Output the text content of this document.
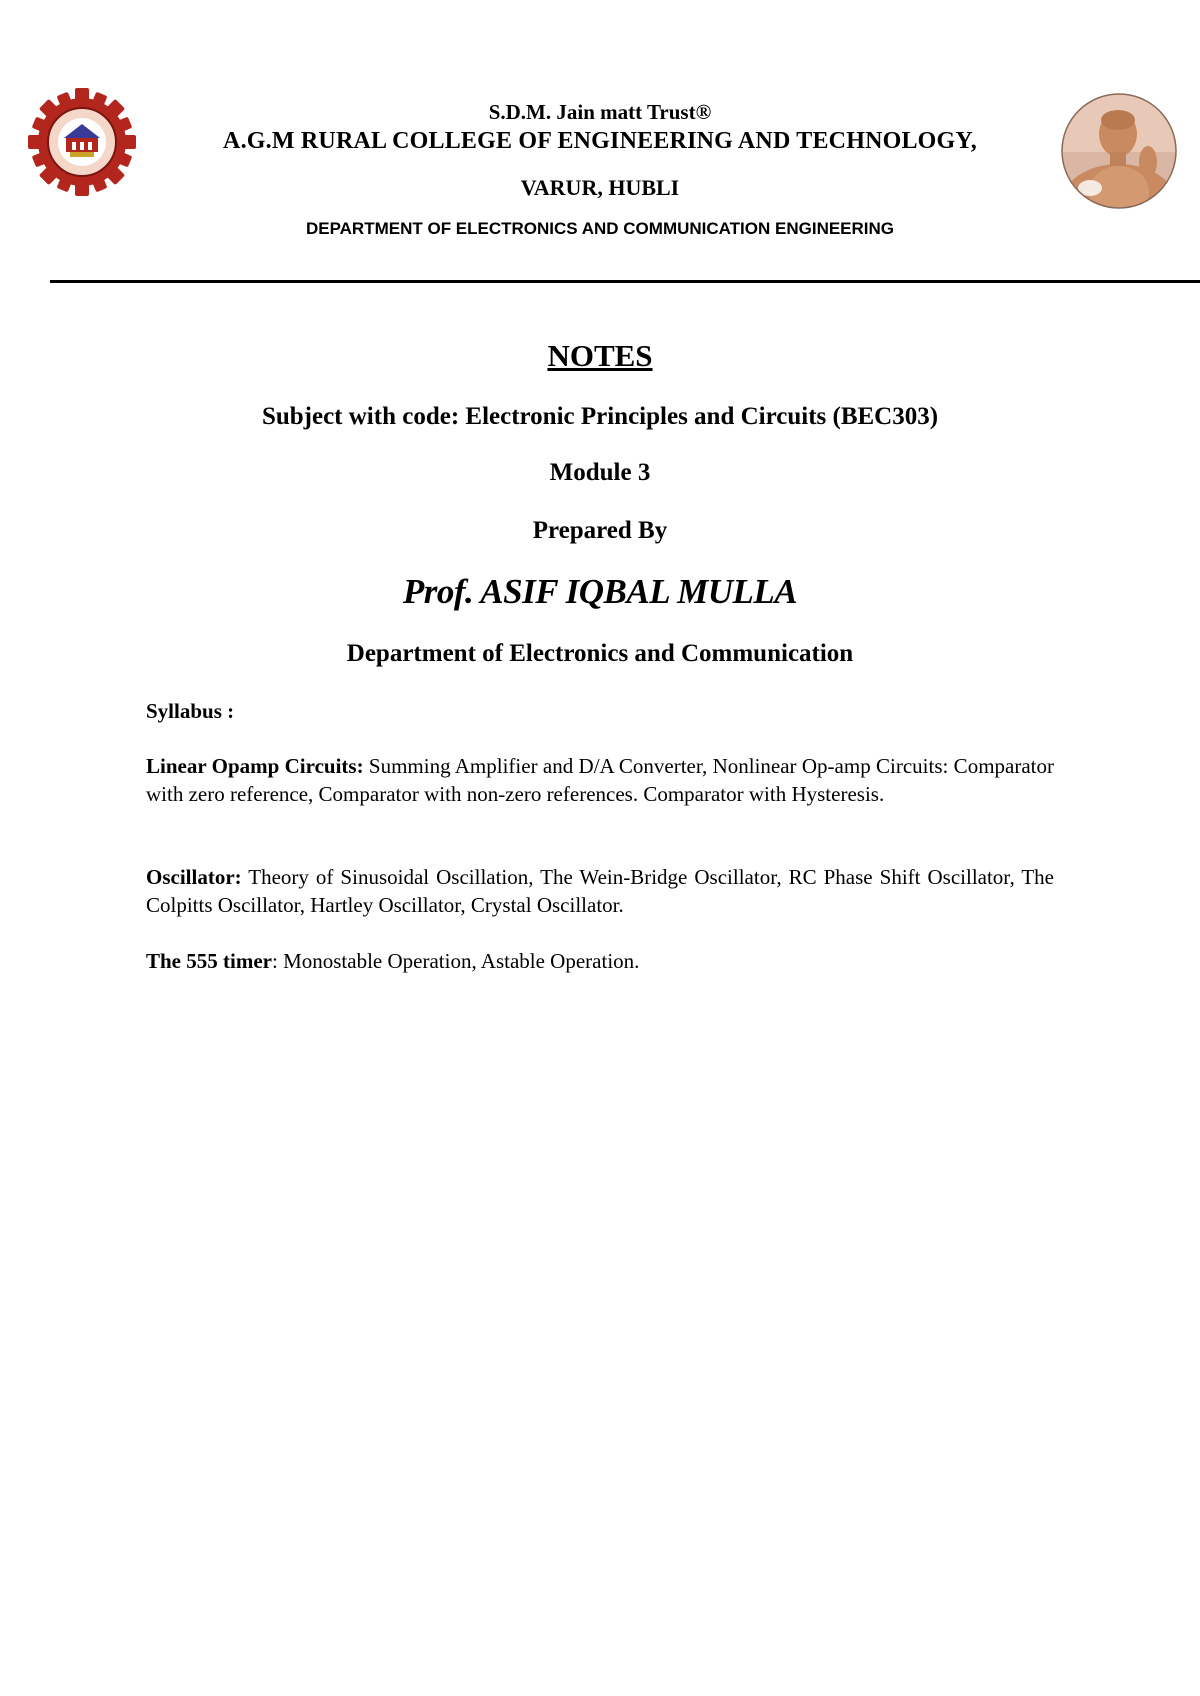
S.D.M. Jain matt Trust®
A.G.M RURAL COLLEGE OF ENGINEERING AND TECHNOLOGY,
VARUR, HUBLI
DEPARTMENT OF ELECTRONICS AND COMMUNICATION ENGINEERING
NOTES
Subject with code: Electronic Principles and Circuits (BEC303)
Module 3
Prepared By
Prof. ASIF IQBAL MULLA
Department of Electronics and Communication
Syllabus :
Linear Opamp Circuits: Summing Amplifier and D/A Converter, Nonlinear Op-amp Circuits: Comparator with zero reference, Comparator with non-zero references. Comparator with Hysteresis.
Oscillator: Theory of Sinusoidal Oscillation, The Wein-Bridge Oscillator, RC Phase Shift Oscillator, The Colpitts Oscillator, Hartley Oscillator, Crystal Oscillator.
The 555 timer: Monostable Operation, Astable Operation.
